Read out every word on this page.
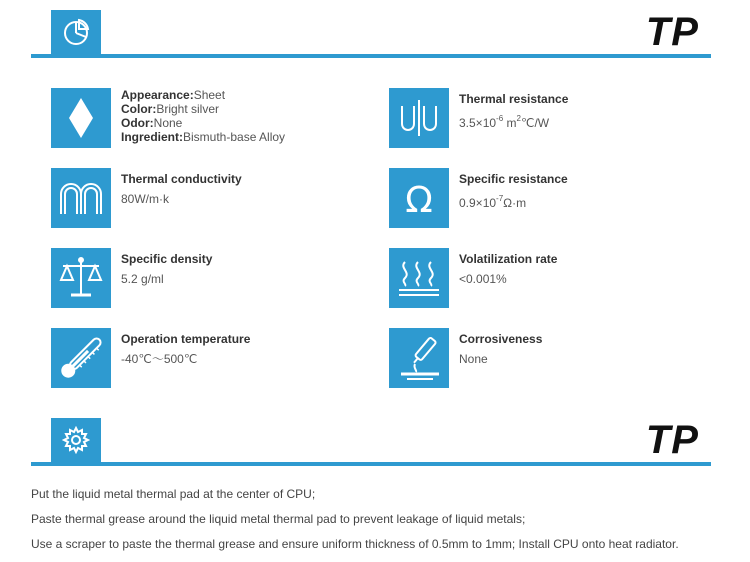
TP
Appearance:Sheet
Color:Bright silver
Odor:None
Ingredient:Bismuth-base Alloy
Thermal resistance
$3.5\times 10^{-6}$ $m^2℃/W$
Thermal conductivity
80W/m·k	Ω
Specific resistance
$0.9\times 10^{-7}\Omega\cdot m$
Specific density
5.2 g/ml
Volatilization rate
<0.001%
Operation temperature
-40℃～500℃
Corrosiveness
None
TP

Put the liquid metal thermal pad at the center of CPU;

Paste thermal grease around the liquid metal thermal pad to prevent leakage of liquid metals;

Use a scraper to paste the thermal grease and ensure uniform thickness of 0.5mm to 1mm; Install CPU onto heat radiator.
